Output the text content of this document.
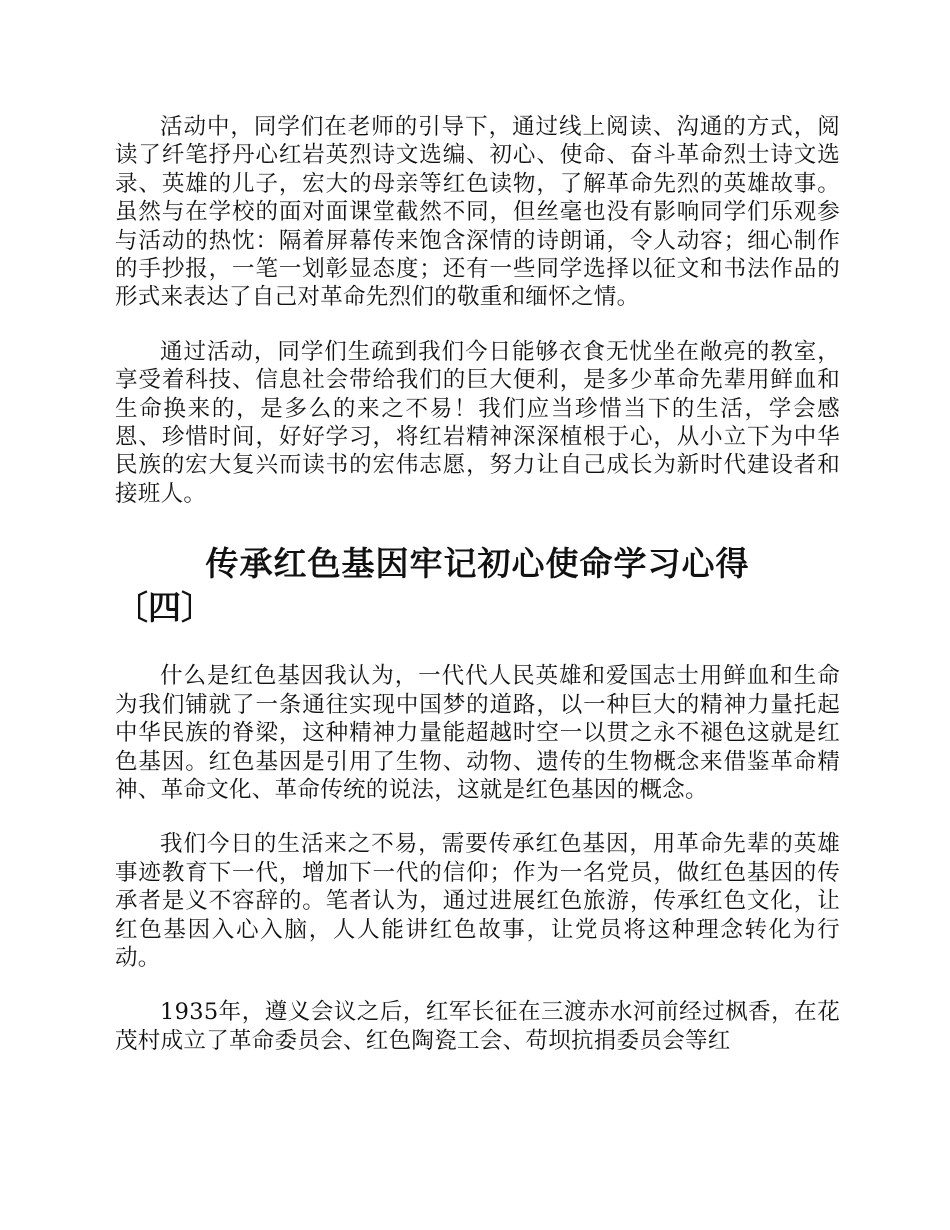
活动中，同学们在老师的引导下，通过线上阅读、沟通的方式，阅读了纤笔抒丹心红岩英烈诗文选编、初心、使命、奋斗革命烈士诗文选录、英雄的儿子，宏大的母亲等红色读物，了解革命先烈的英雄故事。虽然与在学校的面对面课堂截然不同，但丝毫也没有影响同学们乐观参与活动的热忱：隔着屏幕传来饱含深情的诗朗诵，令人动容；细心制作的手抄报，一笔一划彰显态度；还有一些同学选择以征文和书法作品的形式来表达了自己对革命先烈们的敬重和缅怀之情。

通过活动，同学们生疏到我们今日能够衣食无忧坐在敞亮的教室，享受着科技、信息社会带给我们的巨大便利，是多少革命先辈用鲜血和生命换来的，是多么的来之不易！我们应当珍惜当下的生活，学会感恩、珍惜时间，好好学习，将红岩精神深深植根于心，从小立下为中华民族的宏大复兴而读书的宏伟志愿，努力让自己成长为新时代建设者和接班人。

传承红色基因牢记初心使命学习心得
〔四〕

什么是红色基因我认为，一代代人民英雄和爱国志士用鲜血和生命为我们铺就了一条通往实现中国梦的道路，以一种巨大的精神力量托起中华民族的脊梁，这种精神力量能超越时空一以贯之永不褪色这就是红色基因。红色基因是引用了生物、动物、遗传的生物概念来借鉴革命精神、革命文化、革命传统的说法，这就是红色基因的概念。

我们今日的生活来之不易，需要传承红色基因，用革命先辈的英雄事迹教育下一代，增加下一代的信仰；作为一名党员，做红色基因的传承者是义不容辞的。笔者认为，通过进展红色旅游，传承红色文化，让红色基因入心入脑，人人能讲红色故事，让党员将这种理念转化为行动。

1935年，遵义会议之后，红军长征在三渡赤水河前经过枫香，在花茂村成立了革命委员会、红色陶瓷工会、苟坝抗捐委员会等红
